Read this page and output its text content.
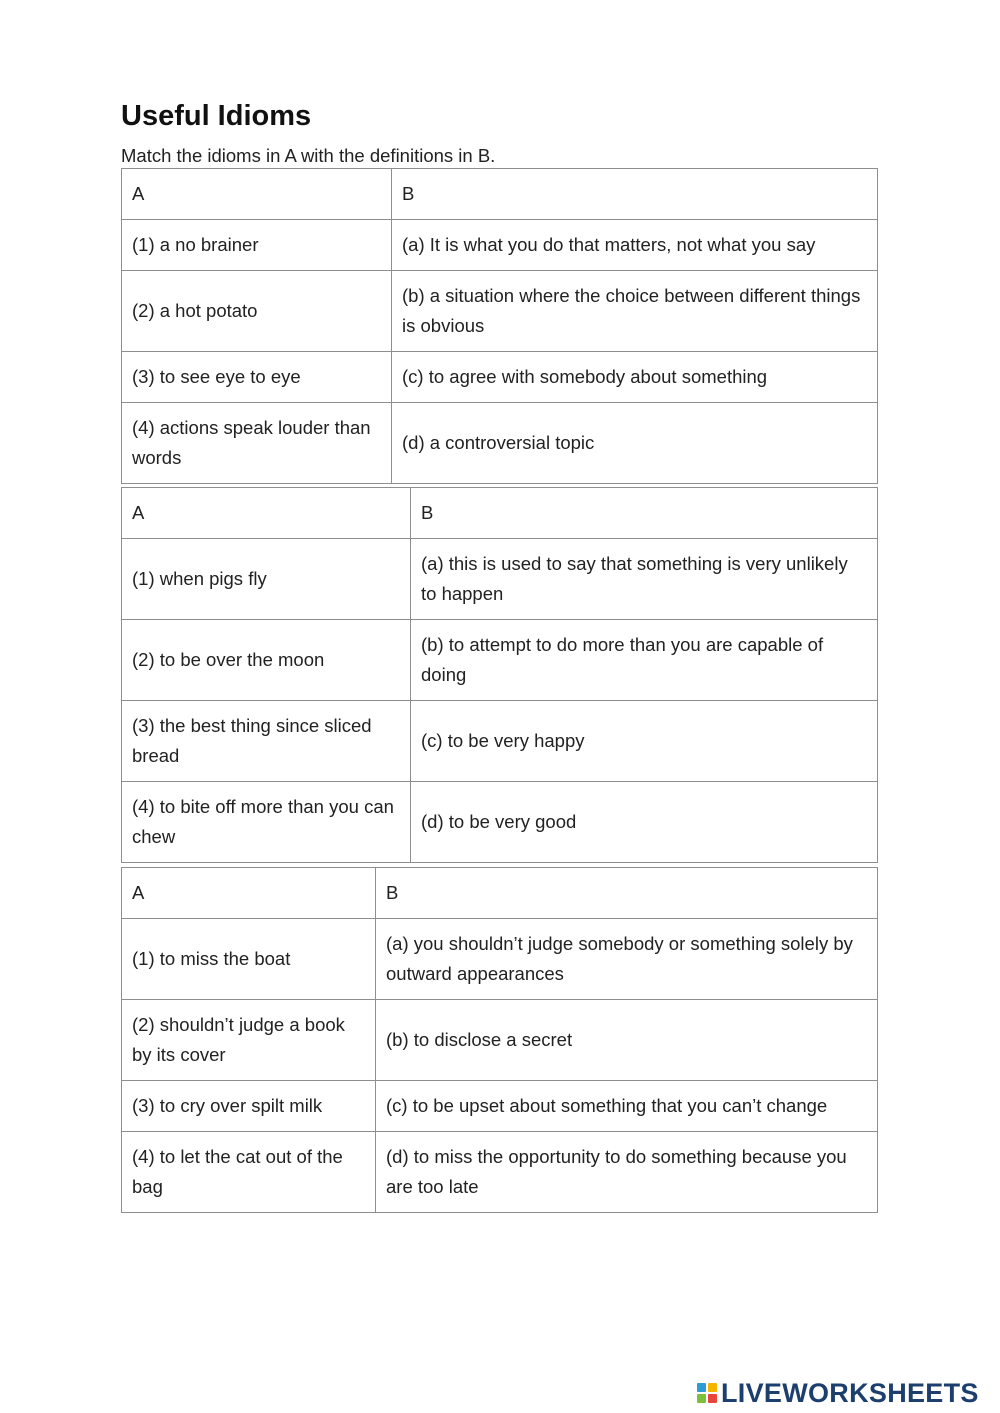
Useful Idioms
Match the idioms in A with the definitions in B.
A	B
(1) a no brainer	(a) It is what you do that matters, not what you say
(2) a hot potato	(b) a situation where the choice between different things is obvious
(3) to see eye to eye	(c) to agree with somebody about something
(4) actions speak louder than words	(d) a controversial topic
A	B
(1) when pigs fly	(a) this is used to say that something is very unlikely to happen
(2) to be over the moon	(b) to attempt to do more than you are capable of doing
(3) the best thing since sliced bread	(c) to be very happy
(4) to bite off more than you can chew	(d) to be very good
A	B
(1) to miss the boat	(a) you shouldn’t judge somebody or something solely by outward appearances
(2) shouldn’t judge a book by its cover	(b) to disclose a secret
(3) to cry over spilt milk	(c) to be upset about something that you can’t change
(4) to let the cat out of the bag	(d) to miss the opportunity to do something because you are too late
LIVEWORKSHEETS
